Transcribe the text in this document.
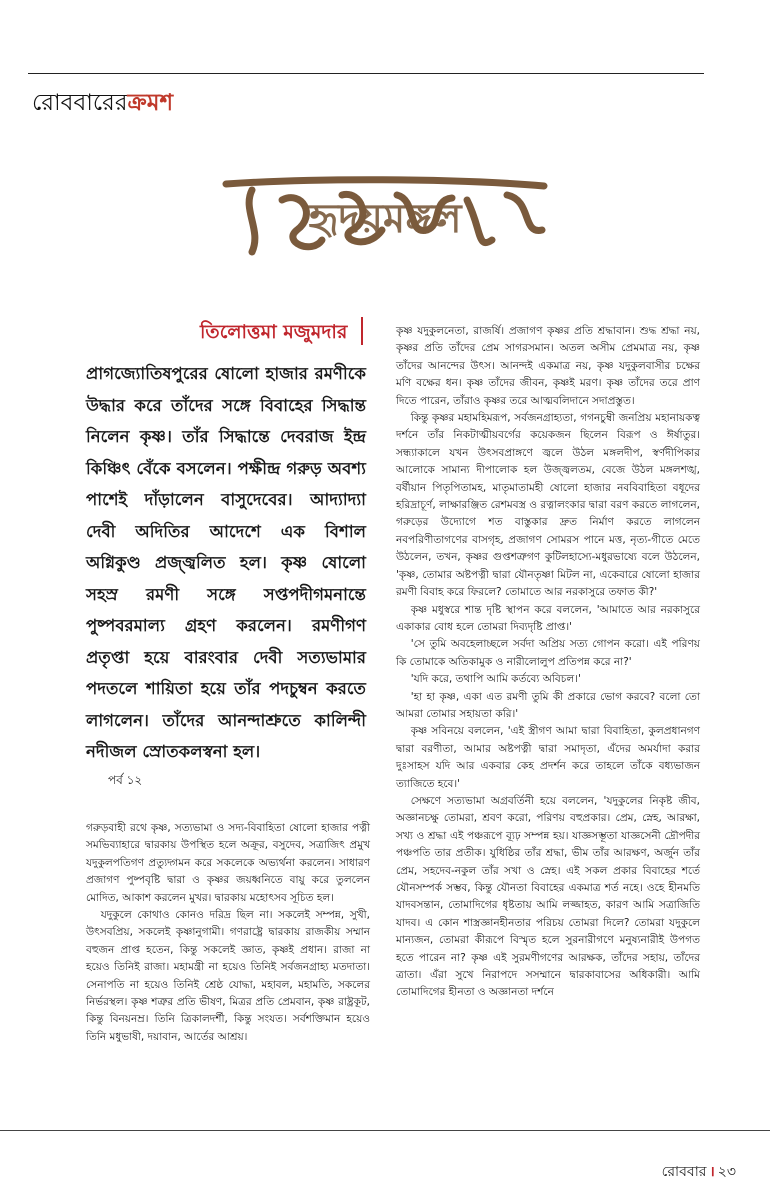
রোববারেরক্রমশ
হৃদয়মঙ্গল
তিলোত্তমা মজুমদার
প্রাগজ্যোতিষপুরের ষোলো হাজার রমণীকে উদ্ধার করে তাঁদের সঙ্গে বিবাহের সিদ্ধান্ত নিলেন কৃষ্ণ। তাঁর সিদ্ধান্তে দেবরাজ ইন্দ্র কিঞ্চিৎ বেঁকে বসলেন। পক্ষীন্দ্র গরুড় অবশ্য পাশেই দাঁড়ালেন বাসুদেবের। আদ্যাদ্যা দেবী অদিতির আদেশে এক বিশাল অগ্নিকুণ্ড প্রজ্জ্বলিত হল। কৃষ্ণ ষোলো সহস্র রমণী সঙ্গে সপ্তপদীগমনান্তে পুষ্পবরমাল্য গ্রহণ করলেন। রমণীগণ প্রতৃপ্তা হয়ে বারংবার দেবী সত্যভামার পদতলে শায়িতা হয়ে তাঁর পদচুম্বন করতে লাগলেন। তাঁদের আনন্দাশ্রুতে কালিন্দী নদীজল স্রোতকলস্বনা হল।
পর্ব ১২

গরুড়বাহী রথে কৃষ্ণ, সত্যভামা ও সদ্য-বিবাহিতা ষোলো হাজার পত্নী সমভিব্যাহারে দ্বারকায় উপস্থিত হলে অক্রূর, বসুদেব, সত্রাজিৎ প্রমুখ যদুকুলপতিগণ প্রত্যুদ্গমন করে সকলেকে অভ্যর্থনা করলেন। সাধারণ প্রজাগণ পুষ্পবৃষ্টি দ্বারা ও কৃষ্ণর জয়ধ্বনিতে বায়ু করে তুললেন মোদিত, আকাশ করলেন মুখর। দ্বারকায় মহোৎসব সূচিত হল।

যদুকুলে কোথাও কোনও দরিদ্র ছিল না। সকলেই সম্পন্ন, সুখী, উৎসবপ্রিয়, সকলেই কৃষ্ণানুগামী। গণরাষ্ট্রে দ্বারকায় রাজকীয় সম্মান বহুজন প্রাপ্ত হতেন, কিন্তু সকলেই জ্ঞাত, কৃষ্ণই প্রধান। রাজা না হয়েও তিনিই রাজা। মহামন্ত্রী না হয়েও তিনিই সর্বজনগ্রাহ্য মতদাতা। সেনাপতি না হয়েও তিনিই শ্রেষ্ঠ যোদ্ধা, মহাবল, মহামতি, সকলের নির্ভরস্থল। কৃষ্ণ শত্রুর প্রতি ভীষণ, মিত্রর প্রতি প্রেমবান, কৃষ্ণ রাষ্ট্রকূট, কিন্তু বিনয়নম্র। তিনি ত্রিকালদর্শী, কিন্তু সংযত। সর্বশক্তিমান হয়েও তিনি মধুভাষী, দয়াবান, আর্তের আশ্রয়।

কৃষ্ণ যদুকুলনেতা, রাজর্ষি। প্রজাগণ কৃষ্ণর প্রতি শ্রদ্ধাবান। শুদ্ধ শ্রদ্ধা নয়, কৃষ্ণর প্রতি তাঁদের প্রেম সাগরসমান। অতল অসীম প্রেমমাত্র নয়, কৃষ্ণ তাঁদের আনন্দের উৎস। আনন্দই একমাত্র নয়, কৃষ্ণ যদুকুলবাসীর চক্ষের মণি বক্ষের ধন। কৃষ্ণ তাঁদের জীবন, কৃষ্ণই মরণ। কৃষ্ণ তাঁদের তরে প্রাণ দিতে পারেন, তাঁরাও কৃষ্ণর তরে আত্মবলিদানে সদাপ্রস্তুত।

কিন্তু কৃষ্ণর মহামহিমরূপ, সর্বজনগ্রাহ্যতা, গগনচুম্বী জনপ্রিয় মহানায়কত্ব দর্শনে তাঁর নিকটাত্মীয়বর্গের কয়েকজন ছিলেন বিরূপ ও ঈর্ষাতুর। সন্ধ্যাকালে যখন উৎসবপ্রাঙ্গণে জ্বলে উঠল মঙ্গলদীপ, স্বর্ণদীপিকার আলোকে সামান্য দীপালোক হল উজ্জ্বলতম, বেজে উঠল মঙ্গলশঙ্খ, বর্ষীয়ান পিতৃপিতামহ, মাতৃমাতামহী ষোলো হাজার নববিবাহিতা বধূদের হরিদ্রাচূর্ণ, লাক্ষারঞ্জিত রেশমবস্ত্র ও রত্নালংকার দ্বারা বরণ করতে লাগলেন, গরুড়ের উদ্যোগে শত বাস্তুকার দ্রুত নির্মাণ করতে লাগলেন নবপরিণীতাগণের বাসগৃহ, প্রজাগণ সোমরস পানে মত্ত, নৃত্য-গীতে মেতে উঠলেন, তখন, কৃষ্ণর গুপ্তশত্রুগণ কুটিলহাস্যে-মধুরভাষ্যে বলে উঠলেন, 'কৃষ্ণ, তোমার অষ্টপত্নী দ্বারা যৌনতৃষ্ণা মিটল না, একেবারে ষোলো হাজার রমণী বিবাহ করে ফিরলে? তোমাতে আর নরকাসুরে তফাত কী?'

কৃষ্ণ মধুস্বরে শান্ত দৃষ্টি স্থাপন করে বললেন, 'আমাতে আর নরকাসুরে একাকার বোধ হলে তোমরা দিব্যদৃষ্টি প্রাপ্ত।'

'সে তুমি অবহেলাচ্ছলে সর্বদা অপ্রিয় সত্য গোপন করো। এই পরিণয় কি তোমাকে অতিকামুক ও নারীলোলুপ প্রতিপন্ন করে না?'

'যদি করে, তথাপি আমি কর্তব্যে অবিচল।'

'হা হা কৃষ্ণ, একা এত রমণী তুমি কী প্রকারে ভোগ করবে? বলো তো আমরা তোমার সহায়তা করি।'

কৃষ্ণ সবিনয়ে বললেন, 'এই স্ত্রীগণ আমা দ্বারা বিবাহিতা, কুলপ্রধানগণ দ্বারা বরণীতা, আমার অষ্টপত্নী দ্বারা সমাদৃতা, এঁদের অমর্যাদা করার দুঃসাহস যদি আর একবার কেহ প্রদর্শন করে তাহলে তাঁকে বধ্যভাজন ত্যাজিতে হবে।'

সেক্ষণে সত্যভামা অগ্রবর্তিনী হয়ে বললেন, 'যদুকুলের নিকৃষ্ট জীব, অজ্ঞানচক্ষু তোমরা, শ্রবণ করো, পরিণয় বহুপ্রকার। প্রেম, স্নেহ, আরক্ষা, সখ্য ও শ্রদ্ধা এই পঞ্চরূপে ব্যূঢ় সম্পন্ন হয়। যাজ্ঞসম্ভূতা যাজ্ঞসেনী দ্রৌপদীর পঞ্চপতি তার প্রতীক। যুধিষ্ঠির তাঁর শ্রদ্ধা, ভীম তাঁর আরক্ষণ, অর্জুন তাঁর প্রেম, সহদেব-নকুল তাঁর সখা ও স্নেহ। এই সকল প্রকার বিবাহের শর্তে যৌনসম্পর্ক সম্ভব, কিন্তু যৌনতা বিবাহের একমাত্র শর্ত নহে। ওহে হীনমতি যাদবসন্তান, তোমাদিগের ধৃষ্টতায় আমি লজ্জাহত, কারণ আমি সত্রাজিতি যাদব। এ কোন শাস্ত্রজ্ঞানহীনতার পরিচয় তোমরা দিলে? তোমরা যদুকুলে মান্যজন, তোমরা কীরূপে বিস্মৃত হলে সুরনারীগণে মনুষ্যনারীই উপগত হতে পারেন না? কৃষ্ণ এই সুরমণীগণের আরক্ষক, তাঁদের সহায়, তাঁদের ত্রাতা। এঁরা সুখে নিরাপদে সসম্মানে দ্বারকাবাসের অধিকারী। আমি তোমাদিগের হীনতা ও অজ্ঞানতা দর্শনে

রোববার । ২৩
